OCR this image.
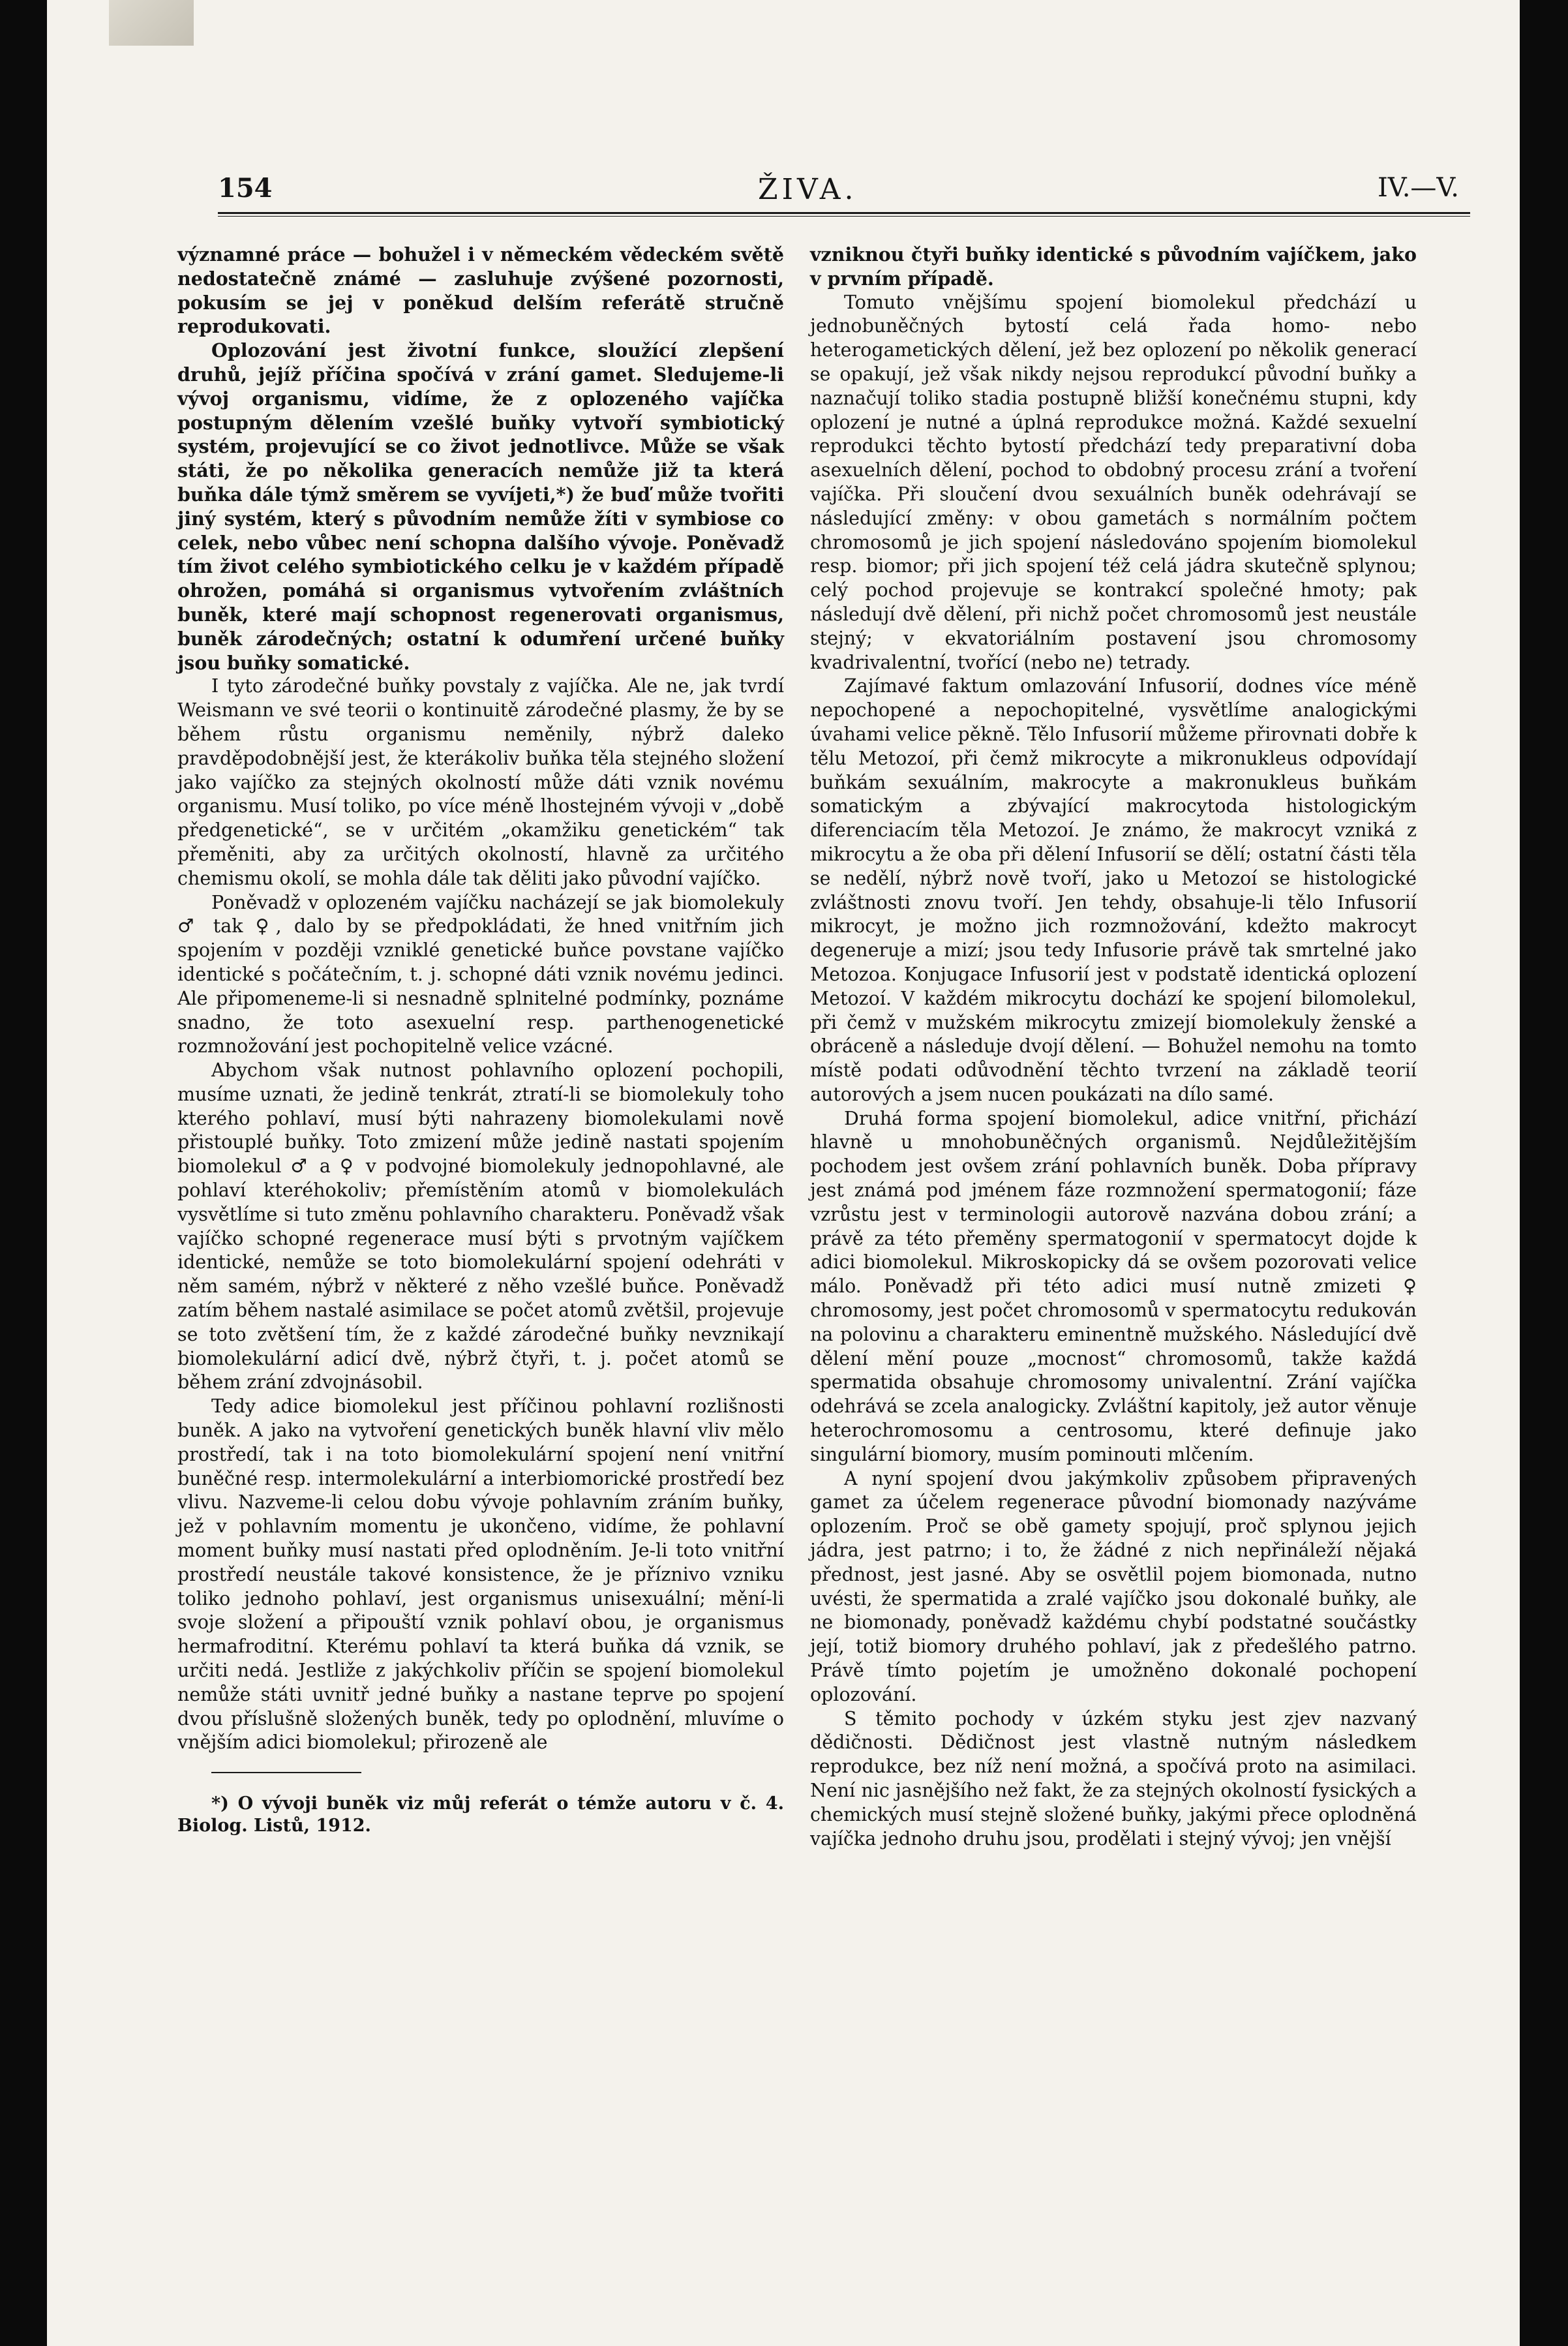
154	ŽIVA.	IV.—V.

významné práce — bohužel i v německém vědeckém světě nedostatečně známé — zasluhuje zvýšené pozornosti, pokusím se jej v poněkud delším referátě stručně reprodukovati.

Oplozování jest životní funkce, sloužící zlepšení druhů, jejíž příčina spočívá v zrání gamet. Sledujeme-li vývoj organismu, vidíme, že z oplozeného vajíčka postupným dělením vzešlé buňky vytvoří symbiotický systém, projevující se co život jednotlivce. Může se však státi, že po několika generacích nemůže již ta která buňka dále týmž směrem se vyvíjeti,*) že buď může tvořiti jiný systém, který s původním nemůže žíti v symbiose co celek, nebo vůbec není schopna dalšího vývoje. Poněvadž tím život celého symbiotického celku je v každém případě ohrožen, pomáhá si organismus vytvořením zvláštních buněk, které mají schopnost regenerovati organismus, buněk zárodečných; ostatní k odumření určené buňky jsou buňky somatické.

I tyto zárodečné buňky povstaly z vajíčka. Ale ne, jak tvrdí Weismann ve své teorii o kontinuitě zárodečné plasmy, že by se během růstu organismu neměnily, nýbrž daleko pravděpodobnější jest, že kterákoliv buňka těla stejného složení jako vajíčko za stejných okolností může dáti vznik novému organismu. Musí toliko, po více méně lhostejném vývoji v „době předgenetické“, se v určitém „okamžiku genetickém“ tak přeměniti, aby za určitých okolností, hlavně za určitého chemismu okolí, se mohla dále tak děliti jako původní vajíčko.

Poněvadž v oplozeném vajíčku nacházejí se jak biomolekuly ♂ tak ♀, dalo by se předpokládati, že hned vnitřním jich spojením v později vzniklé genetické buňce povstane vajíčko identické s počátečním, t. j. schopné dáti vznik novému jedinci. Ale připomeneme-li si nesnadně splnitelné podmínky, poznáme snadno, že toto asexuelní resp. parthenogenetické rozmnožování jest pochopitelně velice vzácné.

Abychom však nutnost pohlavního oplození pochopili, musíme uznati, že jedině tenkrát, ztratí-li se biomolekuly toho kterého pohlaví, musí býti nahrazeny biomolekulami nově přistouplé buňky. Toto zmizení může jedině nastati spojením biomolekul ♂ a ♀ v podvojné biomolekuly jednopohlavné, ale pohlaví kteréhokoliv; přemístěním atomů v biomolekulách vysvětlíme si tuto změnu pohlavního charakteru. Poněvadž však vajíčko schopné regenerace musí býti s prvotným vajíčkem identické, nemůže se toto biomolekulární spojení odehráti v něm samém, nýbrž v některé z něho vzešlé buňce. Poněvadž zatím během nastalé asimilace se počet atomů zvětšil, projevuje se toto zvětšení tím, že z každé zárodečné buňky nevznikají biomolekulární adicí dvě, nýbrž čtyři, t. j. počet atomů se během zrání zdvojnásobil.

Tedy adice biomolekul jest příčinou pohlavní rozlišnosti buněk. A jako na vytvoření genetických buněk hlavní vliv mělo prostředí, tak i na toto biomolekulární spojení není vnitřní buněčné resp. intermolekulární a interbiomorické prostředí bez vlivu. Nazveme-li celou dobu vývoje pohlavním zráním buňky, jež v pohlavním momentu je ukončeno, vidíme, že pohlavní moment buňky musí nastati před oplodněním. Je-li toto vnitřní prostředí neustále takové konsistence, že je příznivo vzniku toliko jednoho pohlaví, jest organismus unisexuální; mění-li svoje složení a připouští vznik pohlaví obou, je organismus hermafroditní. Kterému pohlaví ta která buňka dá vznik, se určiti nedá. Jestliže z jakýchkoliv příčin se spojení biomolekul nemůže státi uvnitř jedné buňky a nastane teprve po spojení dvou příslušně složených buněk, tedy po oplodnění, mluvíme o vnějším adici biomolekul; přirozeně ale

*) O vývoji buněk viz můj referát o témže autoru v č. 4. Biolog. Listů, 1912.

vzniknou čtyři buňky identické s původním vajíčkem, jako v prvním případě.

Tomuto vnějšímu spojení biomolekul předchází u jednobuněčných bytostí celá řada homo- nebo heterogametických dělení, jež bez oplození po několik generací se opakují, jež však nikdy nejsou reprodukcí původní buňky a naznačují toliko stadia postupně bližší konečnému stupni, kdy oplození je nutné a úplná reprodukce možná. Každé sexuelní reprodukci těchto bytostí předchází tedy preparativní doba asexuelních dělení, pochod to obdobný procesu zrání a tvoření vajíčka. Při sloučení dvou sexuálních buněk odehrávají se následující změny: v obou gametách s normálním počtem chromosomů je jich spojení následováno spojením biomolekul resp. biomor; při jich spojení též celá jádra skutečně splynou; celý pochod projevuje se kontrakcí společné hmoty; pak následují dvě dělení, při nichž počet chromosomů jest neustále stejný; v ekvatoriálním postavení jsou chromosomy kvadrivalentní, tvořící (nebo ne) tetrady.

Zajímavé faktum omlazování Infusorií, dodnes více méně nepochopené a nepochopitelné, vysvětlíme analogickými úvahami velice pěkně. Tělo Infusorií můžeme přirovnati dobře k tělu Metozoí, při čemž mikrocyte a mikronukleus odpovídají buňkám sexuálním, makrocyte a makronukleus buňkám somatickým a zbývající makrocytoda histologickým diferenciacím těla Metozoí. Je známo, že makrocyt vzniká z mikrocytu a že oba při dělení Infusorií se dělí; ostatní části těla se nedělí, nýbrž nově tvoří, jako u Metozoí se histologické zvláštnosti znovu tvoří. Jen tehdy, obsahuje-li tělo Infusorií mikrocyt, je možno jich rozmnožování, kdežto makrocyt degeneruje a mizí; jsou tedy Infusorie právě tak smrtelné jako Metozoa. Konjugace Infusorií jest v podstatě identická oplození Metozoí. V každém mikrocytu dochází ke spojení bilomolekul, při čemž v mužském mikrocytu zmizejí biomolekuly ženské a obráceně a následuje dvojí dělení. — Bohužel nemohu na tomto místě podati odůvodnění těchto tvrzení na základě teorií autorových a jsem nucen poukázati na dílo samé.

Druhá forma spojení biomolekul, adice vnitřní, přichází hlavně u mnohobuněčných organismů. Nejdůležitějším pochodem jest ovšem zrání pohlavních buněk. Doba přípravy jest známá pod jménem fáze rozmnožení spermatogonií; fáze vzrůstu jest v terminologii autorově nazvána dobou zrání; a právě za této přeměny spermatogonií v spermatocyt dojde k adici biomolekul. Mikroskopicky dá se ovšem pozorovati velice málo. Poněvadž při této adici musí nutně zmizeti ♀ chromosomy, jest počet chromosomů v spermatocytu redukován na polovinu a charakteru eminentně mužského. Následující dvě dělení mění pouze „mocnost“ chromosomů, takže každá spermatida obsahuje chromosomy univalentní. Zrání vajíčka odehrává se zcela analogicky. Zvláštní kapitoly, jež autor věnuje heterochromosomu a centrosomu, které definuje jako singulární biomory, musím pominouti mlčením.

A nyní spojení dvou jakýmkoliv způsobem připravených gamet za účelem regenerace původní biomonady nazýváme oplozením. Proč se obě gamety spojují, proč splynou jejich jádra, jest patrno; i to, že žádné z nich nepřináleží nějaká přednost, jest jasné. Aby se osvětlil pojem biomonada, nutno uvésti, že spermatida a zralé vajíčko jsou dokonalé buňky, ale ne biomonady, poněvadž každému chybí podstatné součástky její, totiž biomory druhého pohlaví, jak z předešlého patrno. Právě tímto pojetím je umožněno dokonalé pochopení oplozování.

S těmito pochody v úzkém styku jest zjev nazvaný dědičnosti. Dědičnost jest vlastně nutným následkem reprodukce, bez níž není možná, a spočívá proto na asimilaci. Není nic jasnějšího než fakt, že za stejných okolností fysických a chemických musí stejně složené buňky, jakými přece oplodněná vajíčka jednoho druhu jsou, prodělati i stejný vývoj; jen vnější
